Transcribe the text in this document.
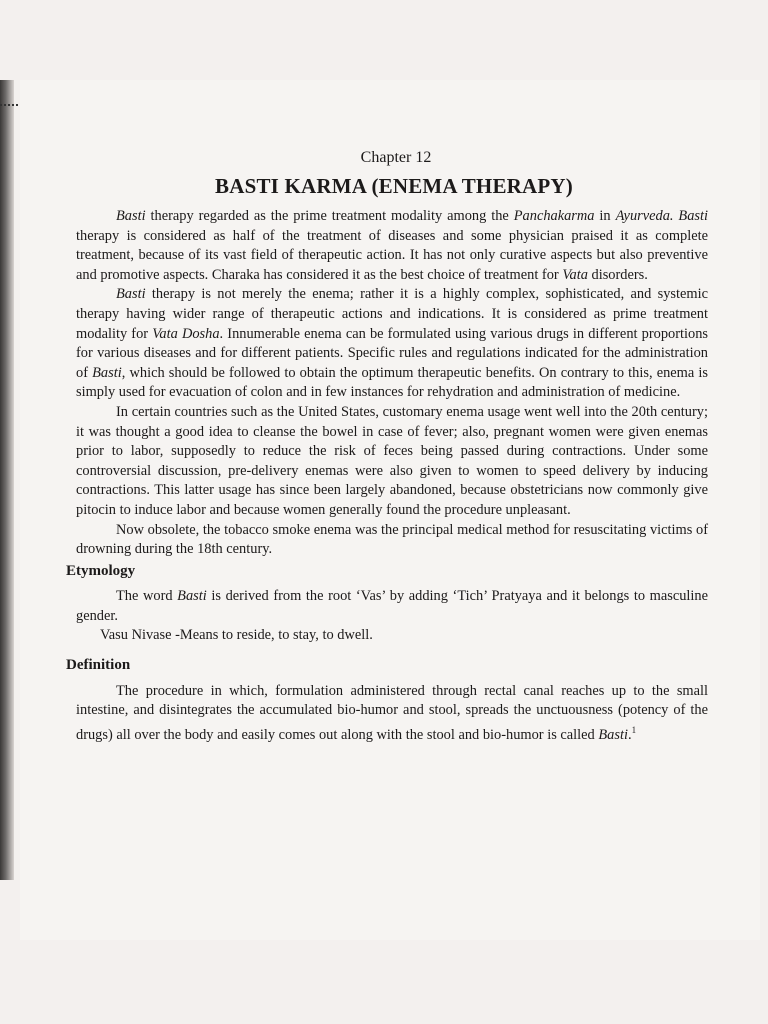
Chapter 12
BASTI KARMA (ENEMA THERAPY)

Basti therapy regarded as the prime treatment modality among the Panchakarma in Ayurveda. Basti therapy is considered as half of the treatment of diseases and some physician praised it as complete treatment, because of its vast field of therapeutic action. It has not only curative aspects but also preventive and promotive aspects. Charaka has considered it as the best choice of treatment for Vata disorders.

Basti therapy is not merely the enema; rather it is a highly complex, sophisticated, and systemic therapy having wider range of therapeutic actions and indications. It is considered as prime treatment modality for Vata Dosha. Innumerable enema can be formulated using various drugs in different proportions for various diseases and for different patients. Specific rules and regulations indicated for the administration of Basti, which should be followed to obtain the optimum therapeutic benefits. On contrary to this, enema is simply used for evacuation of colon and in few instances for rehydration and administration of medicine.

In certain countries such as the United States, customary enema usage went well into the 20th century; it was thought a good idea to cleanse the bowel in case of fever; also, pregnant women were given enemas prior to labor, supposedly to reduce the risk of feces being passed during contractions. Under some controversial discussion, pre-delivery enemas were also given to women to speed delivery by inducing contractions. This latter usage has since been largely abandoned, because obstetricians now commonly give pitocin to induce labor and because women generally found the procedure unpleasant.

Now obsolete, the tobacco smoke enema was the principal medical method for resuscitating victims of drowning during the 18th century.

Etymology

The word Basti is derived from the root ‘Vas’ by adding ‘Tich’ Pratyaya and it belongs to masculine gender.

Vasu Nivase -Means to reside, to stay, to dwell.

Definition

The procedure in which, formulation administered through rectal canal reaches up to the small intestine, and disintegrates the accumulated bio-humor and stool, spreads the unctuousness (potency of the drugs) all over the body and easily comes out along with the stool and bio-humor is called Basti.$^1$
